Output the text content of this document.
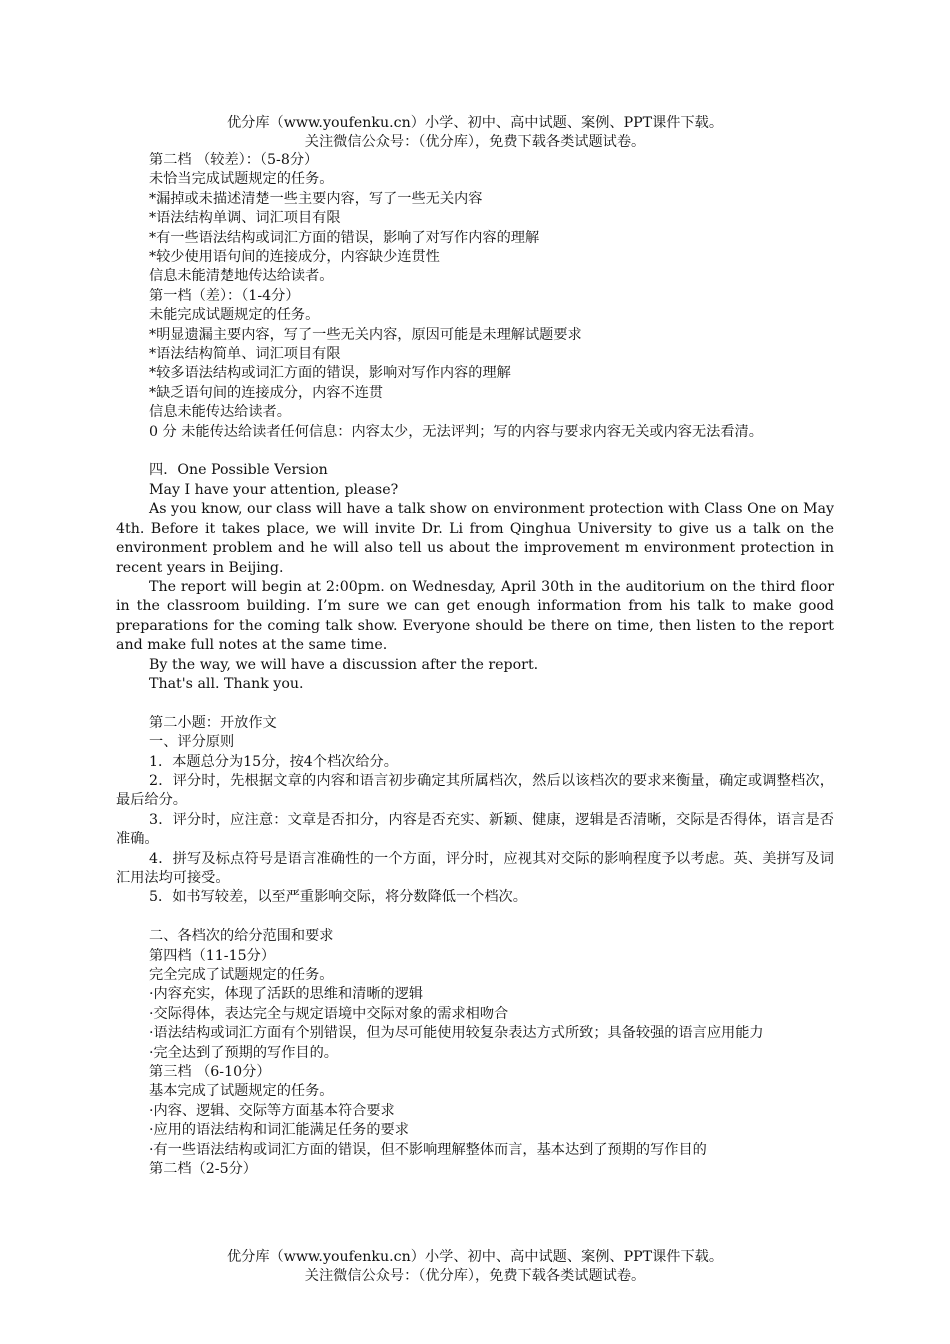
优分库（www.youfenku.cn）小学、初中、高中试题、案例、PPT课件下载。
关注微信公众号：（优分库），免费下载各类试题试卷。

第二档 （较差）：（5-8分）

未恰当完成试题规定的任务。

*漏掉或未描述清楚一些主要内容，写了一些无关内容

*语法结构单调、词汇项目有限

*有一些语法结构或词汇方面的错误，影响了对写作内容的理解

*较少使用语句间的连接成分，内容缺少连贯性

信息未能清楚地传达给读者。

第一档（差）：（1-4分）

未能完成试题规定的任务。

*明显遗漏主要内容，写了一些无关内容，原因可能是未理解试题要求

*语法结构简单、词汇项目有限

*较多语法结构或词汇方面的错误，影响对写作内容的理解

*缺乏语句间的连接成分，内容不连贯

信息未能传达给读者。

0 分 未能传达给读者任何信息：内容太少，无法评判；写的内容与要求内容无关或内容无法看清。

四．One Possible Version

May I have your attention, please?

As you know, our class will have a talk show on environment protection with Class One on May 4th. Before it takes place, we will invite Dr. Li from Qinghua University to give us a talk on the environment problem and he will also tell us about the improvement m environment protection in recent years in Beijing.

The report will begin at 2:00pm. on Wednesday, April 30th in the auditorium on the third floor in the classroom building. I’m sure we can get enough information from his talk to make good preparations for the coming talk show. Everyone should be there on time, then listen to the report and make full notes at the same time.

By the way, we will have a discussion after the report.

That's all. Thank you.

第二小题：开放作文

一、评分原则

1．本题总分为15分，按4个档次给分。

2．评分时，先根据文章的内容和语言初步确定其所属档次，然后以该档次的要求来衡量，确定或调整档次，最后给分。

3．评分时，应注意：文章是否扣分，内容是否充实、新颖、健康，逻辑是否清晰，交际是否得体，语言是否准确。

4．拼写及标点符号是语言准确性的一个方面，评分时，应视其对交际的影响程度予以考虑。英、美拼写及词汇用法均可接受。

5．如书写较差，以至严重影响交际，将分数降低一个档次。

二、各档次的给分范围和要求

第四档（11-15分）

完全完成了试题规定的任务。

·内容充实，体现了活跃的思维和清晰的逻辑

·交际得体，表达完全与规定语境中交际对象的需求相吻合

·语法结构或词汇方面有个别错误，但为尽可能使用较复杂表达方式所致；具备较强的语言应用能力

·完全达到了预期的写作目的。

第三档 （6-10分）

基本完成了试题规定的任务。

·内容、逻辑、交际等方面基本符合要求

·应用的语法结构和词汇能满足任务的要求

·有一些语法结构或词汇方面的错误，但不影响理解整体而言，基本达到了预期的写作目的

第二档（2-5分）

优分库（www.youfenku.cn）小学、初中、高中试题、案例、PPT课件下载。
关注微信公众号：（优分库），免费下载各类试题试卷。
